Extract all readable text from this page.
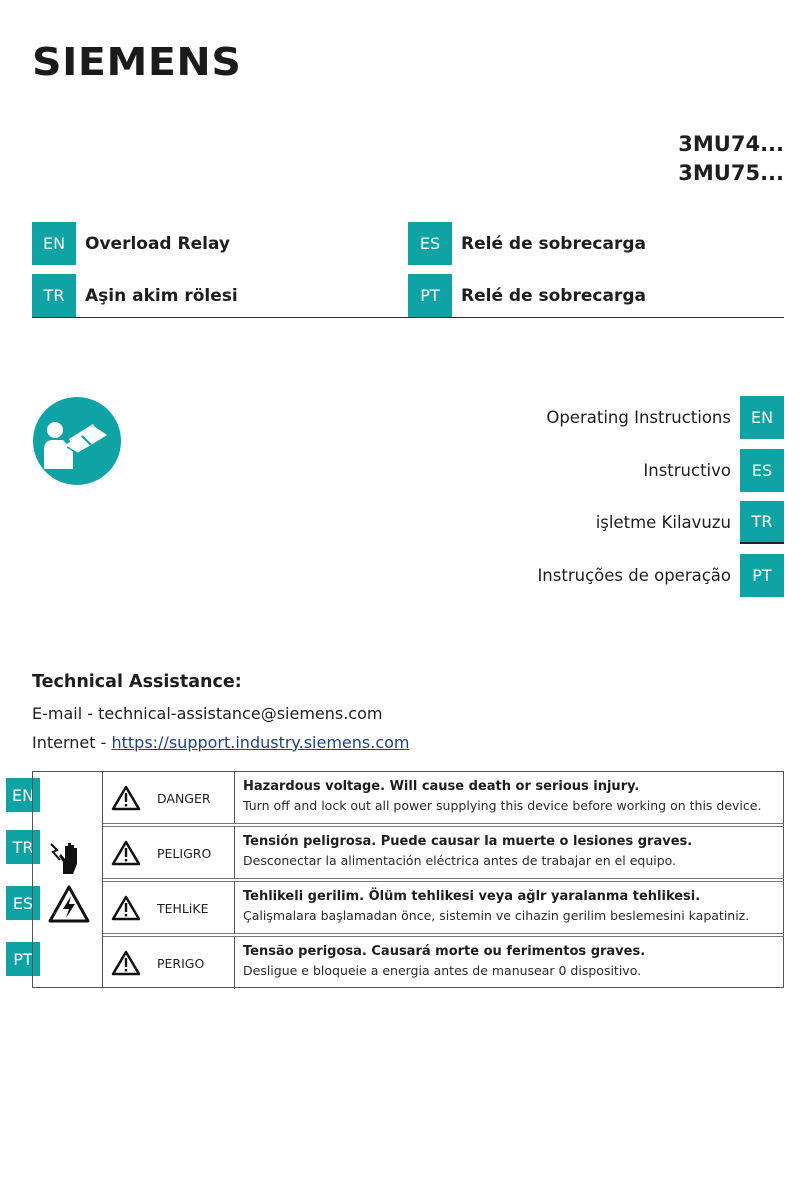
SIEMENS
3MU74...
3MU75...
EN	Overload Relay	ES	Relé de sobrecarga
TR	Aşin akim rölesi	PT	Relé de sobrecarga
Operating Instructions	EN
Instructivo	ES
işletme Kilavuzu	TR
Instruções de operação	PT
Technical Assistance:
E-mail - technical-assistance@siemens.com
Internet - https://support.industry.siemens.com
EN
TR
ES
PT
DANGER
Hazardous voltage. Will cause death or serious injury.
Turn off and lock out all power supplying this device before working on this device.
PELIGRO
Tensión peligrosa. Puede causar la muerte o lesiones graves.
Desconectar la alimentación eléctrica antes de trabajar en el equipo.
TEHLiKE
Tehlikeli gerilim. Ölüm tehlikesi veya ağlr yaralanma tehlikesi.
Çalişmalara başlamadan önce, sistemin ve cihazin gerilim beslemesini kapatiniz.
PERIGO
Tensão perigosa. Causará morte ou ferimentos graves.
Desligue e bloqueie a energia antes de manusear 0 dispositivo.
